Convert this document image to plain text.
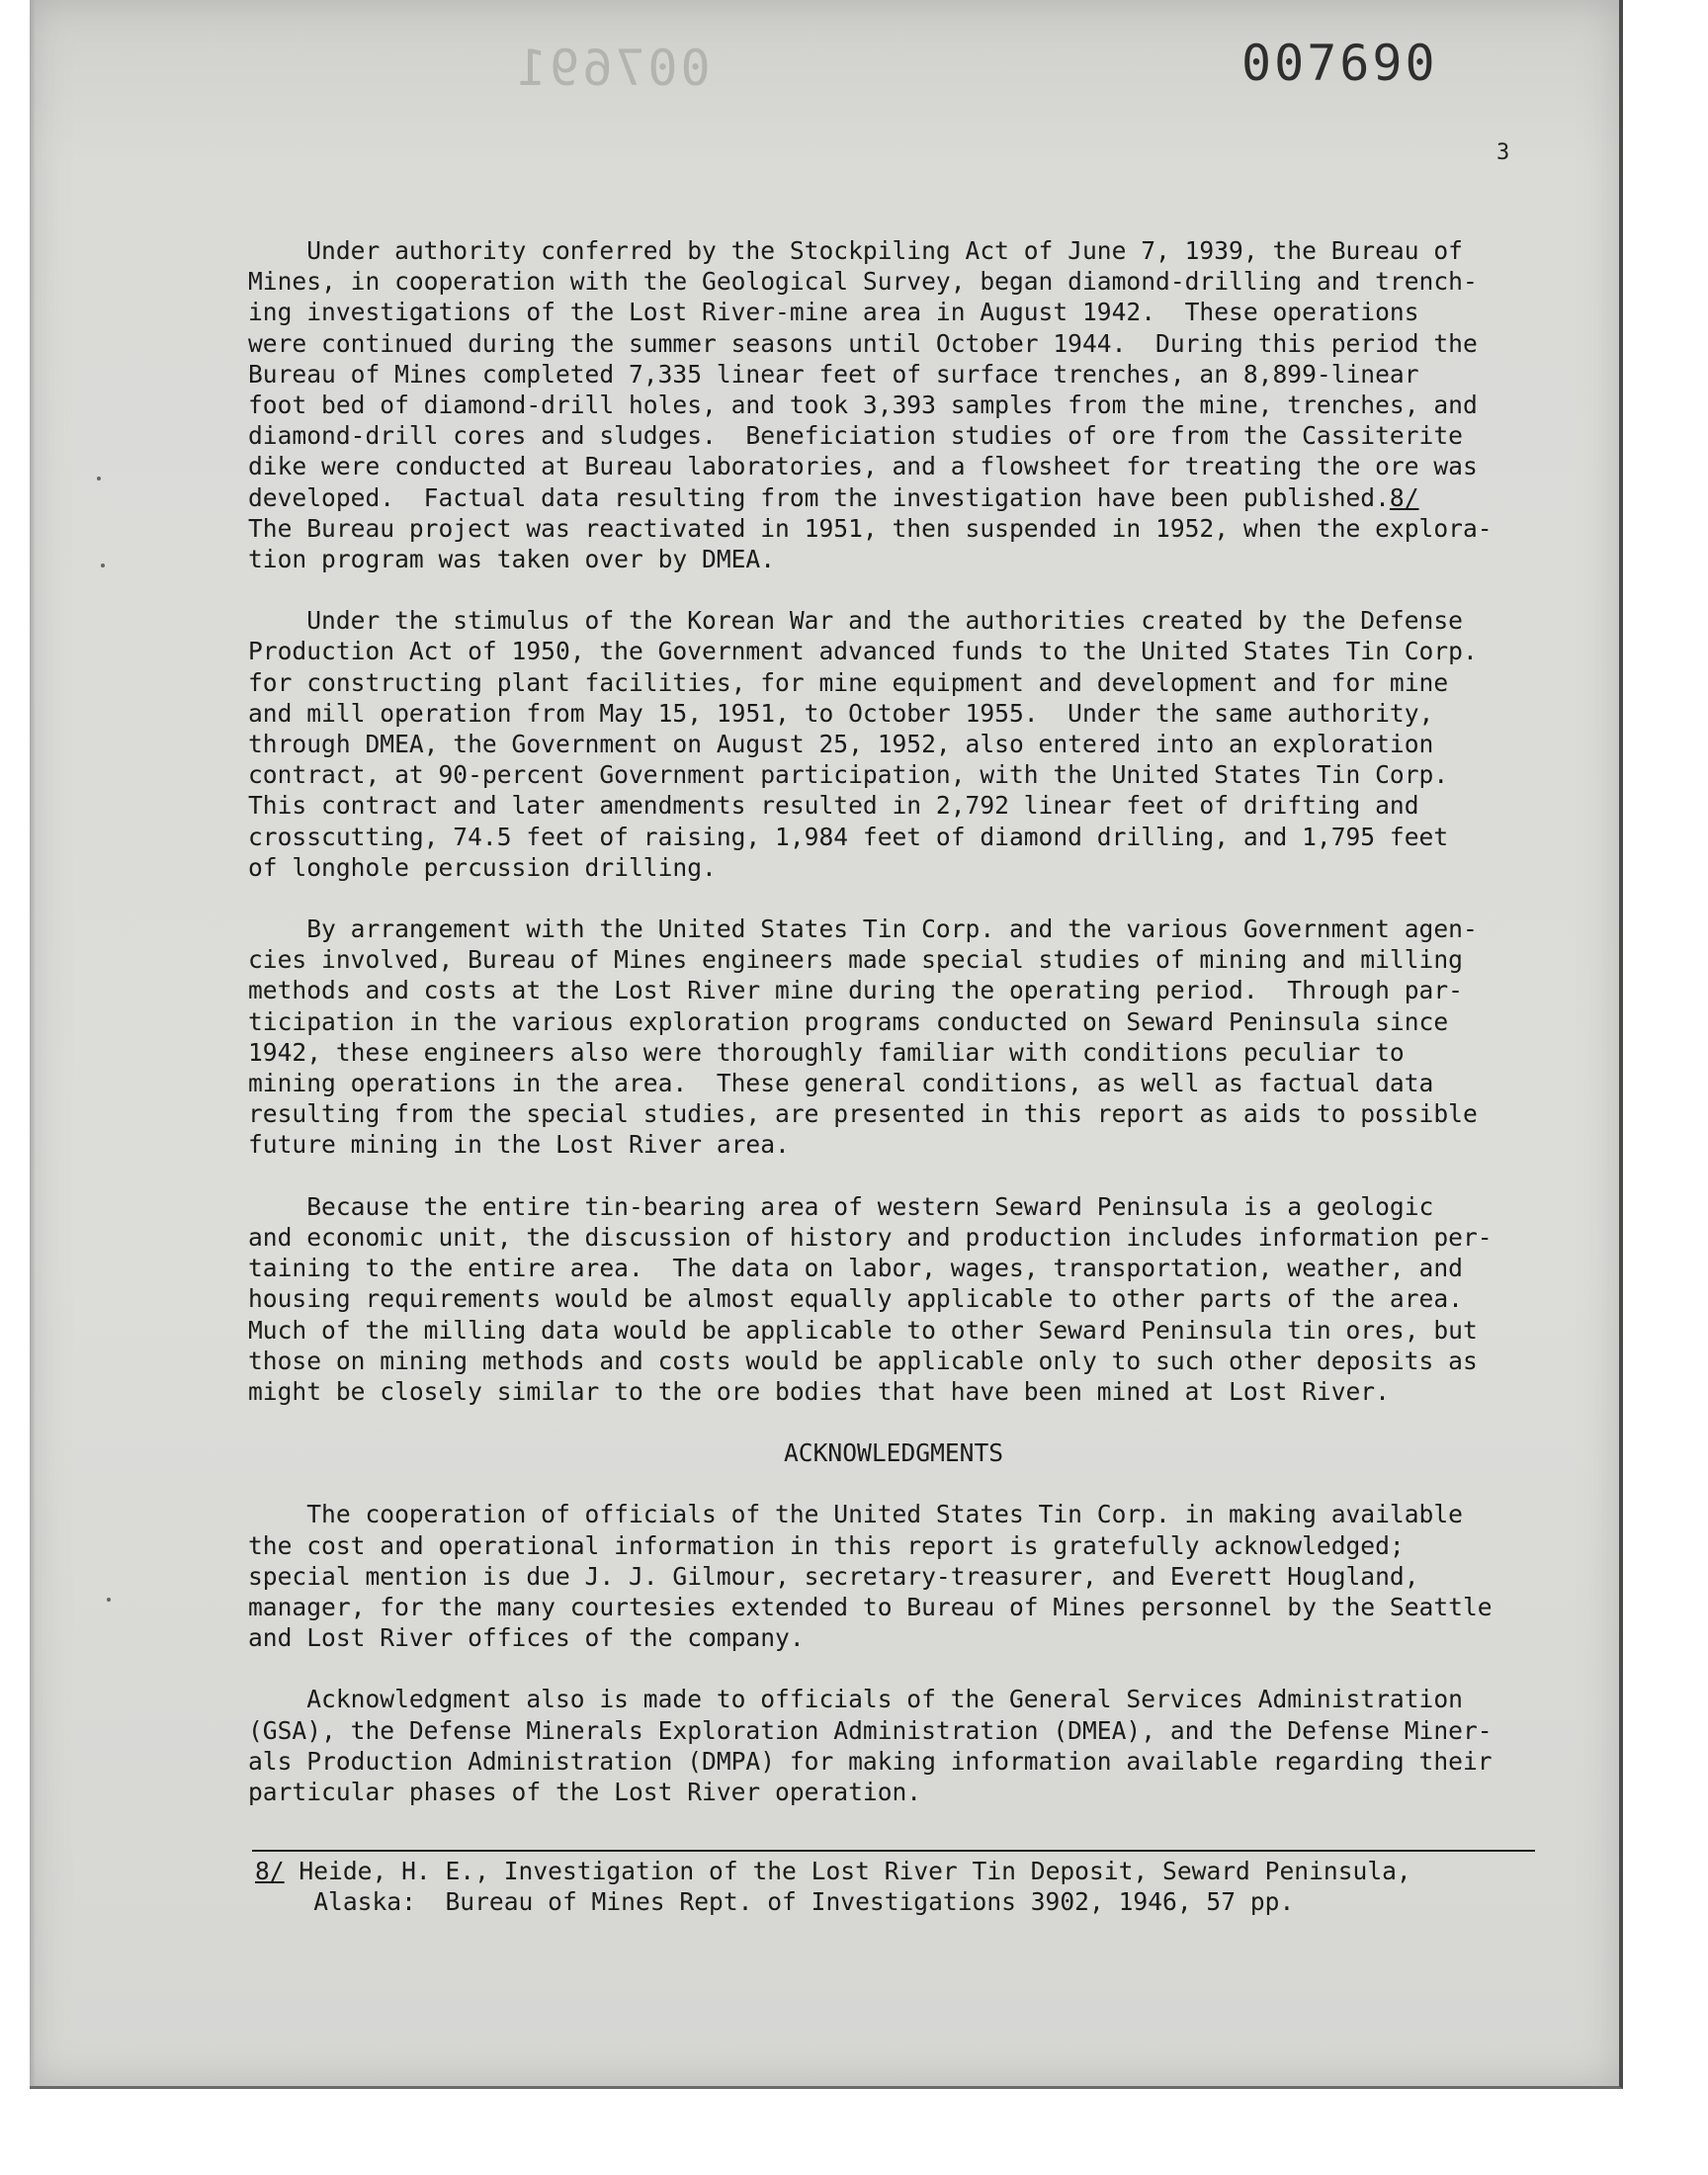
007691	007690
3

Under authority conferred by the Stockpiling Act of June 7, 1939, the Bureau of
Mines, in cooperation with the Geological Survey, began diamond-drilling and trench-
ing investigations of the Lost River-mine area in August 1942.  These operations
were continued during the summer seasons until October 1944.  During this period the
Bureau of Mines completed 7,335 linear feet of surface trenches, an 8,899-linear
foot bed of diamond-drill holes, and took 3,393 samples from the mine, trenches, and
diamond-drill cores and sludges.  Beneficiation studies of ore from the Cassiterite
dike were conducted at Bureau laboratories, and a flowsheet for treating the ore was
developed.  Factual data resulting from the investigation have been published.8/
The Bureau project was reactivated in 1951, then suspended in 1952, when the explora-
tion program was taken over by DMEA.

Under the stimulus of the Korean War and the authorities created by the Defense
Production Act of 1950, the Government advanced funds to the United States Tin Corp.
for constructing plant facilities, for mine equipment and development and for mine
and mill operation from May 15, 1951, to October 1955.  Under the same authority,
through DMEA, the Government on August 25, 1952, also entered into an exploration
contract, at 90-percent Government participation, with the United States Tin Corp.
This contract and later amendments resulted in 2,792 linear feet of drifting and
crosscutting, 74.5 feet of raising, 1,984 feet of diamond drilling, and 1,795 feet
of longhole percussion drilling.

By arrangement with the United States Tin Corp. and the various Government agen-
cies involved, Bureau of Mines engineers made special studies of mining and milling
methods and costs at the Lost River mine during the operating period.  Through par-
ticipation in the various exploration programs conducted on Seward Peninsula since
1942, these engineers also were thoroughly familiar with conditions peculiar to
mining operations in the area.  These general conditions, as well as factual data
resulting from the special studies, are presented in this report as aids to possible
future mining in the Lost River area.

Because the entire tin-bearing area of western Seward Peninsula is a geologic
and economic unit, the discussion of history and production includes information per-
taining to the entire area.  The data on labor, wages, transportation, weather, and
housing requirements would be almost equally applicable to other parts of the area.
Much of the milling data would be applicable to other Seward Peninsula tin ores, but
those on mining methods and costs would be applicable only to such other deposits as
might be closely similar to the ore bodies that have been mined at Lost River.

ACKNOWLEDGMENTS

The cooperation of officials of the United States Tin Corp. in making available
the cost and operational information in this report is gratefully acknowledged;
special mention is due J. J. Gilmour, secretary-treasurer, and Everett Hougland,
manager, for the many courtesies extended to Bureau of Mines personnel by the Seattle
and Lost River offices of the company.

Acknowledgment also is made to officials of the General Services Administration
(GSA), the Defense Minerals Exploration Administration (DMEA), and the Defense Miner-
als Production Administration (DMPA) for making information available regarding their
particular phases of the Lost River operation.

8/ Heide, H. E., Investigation of the Lost River Tin Deposit, Seward Peninsula,
Alaska:  Bureau of Mines Rept. of Investigations 3902, 1946, 57 pp.
